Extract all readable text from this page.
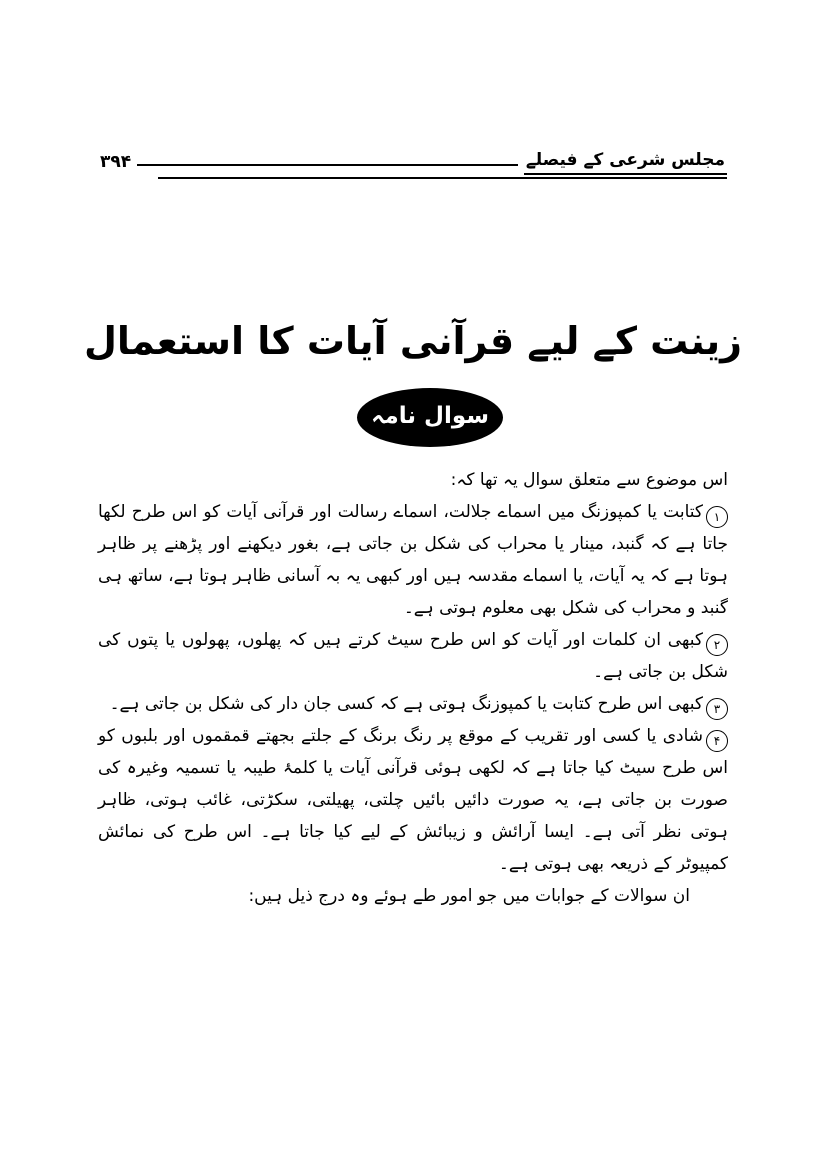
۳۹۴	مجلس شرعی کے فیصلے
زینت کے لیے قرآنی آیات کا استعمال
سوال نامہ

اس موضوع سے متعلق سوال یہ تھا کہ:

۱کتابت یا کمپوزنگ میں اسماے جلالت، اسماے رسالت اور قرآنی آیات کو اس طرح لکھا جاتا ہے کہ گنبد، مینار یا محراب کی شکل بن جاتی ہے، بغور دیکھنے اور پڑھنے پر ظاہر ہوتا ہے کہ یہ آیات، یا اسماے مقدسہ ہیں اور کبھی یہ بہ آسانی ظاہر ہوتا ہے، ساتھ ہی گنبد و محراب کی شکل بھی معلوم ہوتی ہے۔

۲کبھی ان کلمات اور آیات کو اس طرح سیٹ کرتے ہیں کہ پھلوں، پھولوں یا پتوں کی شکل بن جاتی ہے۔

۳کبھی اس طرح کتابت یا کمپوزنگ ہوتی ہے کہ کسی جان دار کی شکل بن جاتی ہے۔

۴شادی یا کسی اور تقریب کے موقع پر رنگ برنگ کے جلتے بجھتے قمقموں اور بلبوں کو اس طرح سیٹ کیا جاتا ہے کہ لکھی ہوئی قرآنی آیات یا کلمۂ طیبہ یا تسمیہ وغیرہ کی صورت بن جاتی ہے، یہ صورت دائیں بائیں چلتی، پھیلتی، سکڑتی، غائب ہوتی، ظاہر ہوتی نظر آتی ہے۔ ایسا آرائش و زیبائش کے لیے کیا جاتا ہے۔ اس طرح کی نمائش کمپیوٹر کے ذریعہ بھی ہوتی ہے۔

ان سوالات کے جوابات میں جو امور طے ہوئے وہ درج ذیل ہیں:
